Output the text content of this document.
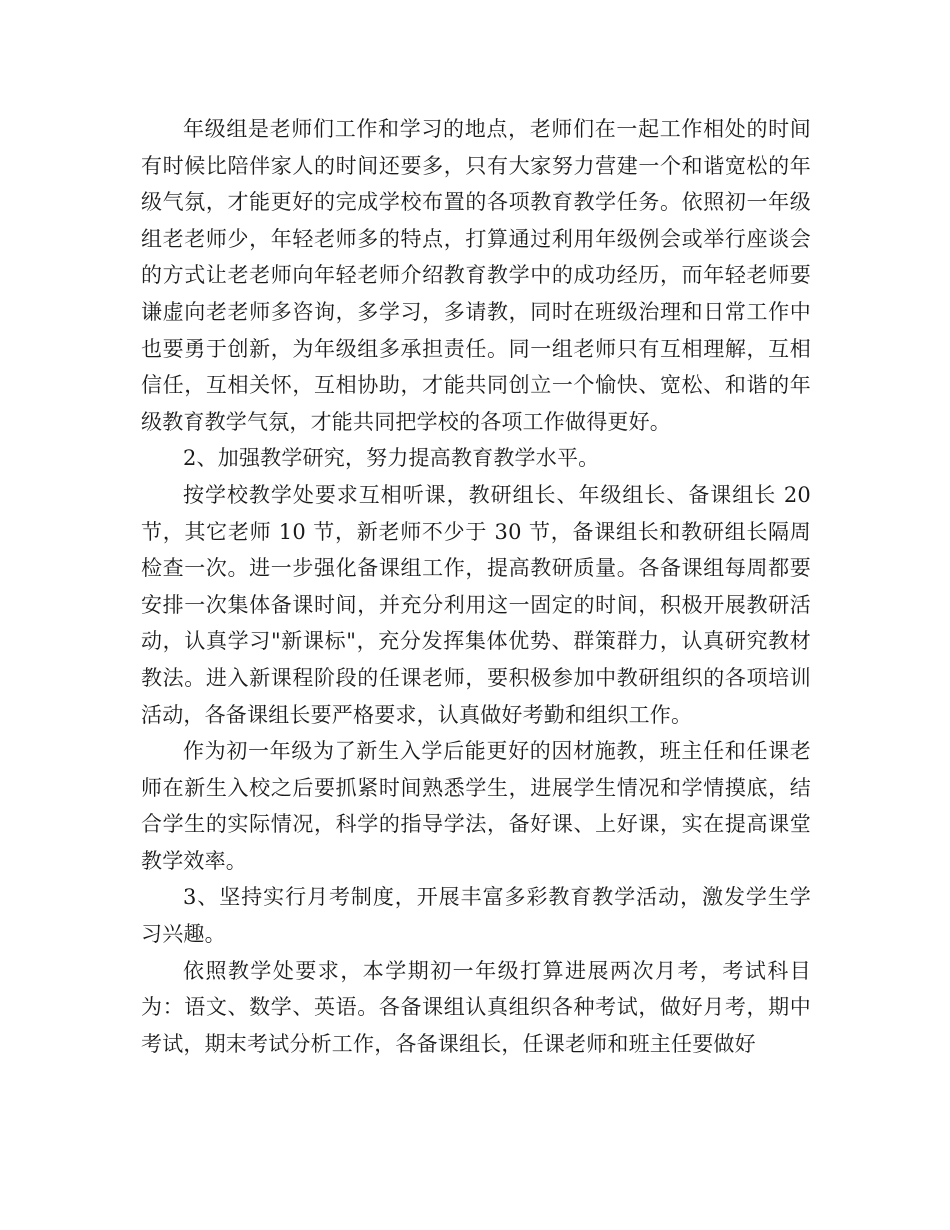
年级组是老师们工作和学习的地点，老师们在一起工作相处的时间有时候比陪伴家人的时间还要多，只有大家努力营建一个和谐宽松的年级气氛，才能更好的完成学校布置的各项教育教学任务。依照初一年级组老老师少，年轻老师多的特点，打算通过利用年级例会或举行座谈会的方式让老老师向年轻老师介绍教育教学中的成功经历，而年轻老师要谦虚向老老师多咨询，多学习，多请教，同时在班级治理和日常工作中也要勇于创新，为年级组多承担责任。同一组老师只有互相理解，互相信任，互相关怀，互相协助，才能共同创立一个愉快、宽松、和谐的年级教育教学气氛，才能共同把学校的各项工作做得更好。

2、加强教学研究，努力提高教育教学水平。

按学校教学处要求互相听课，教研组长、年级组长、备课组长 20节，其它老师 10 节，新老师不少于 30 节，备课组长和教研组长隔周检查一次。进一步强化备课组工作，提高教研质量。各备课组每周都要安排一次集体备课时间，并充分利用这一固定的时间，积极开展教研活动，认真学习"新课标"，充分发挥集体优势、群策群力，认真研究教材教法。进入新课程阶段的任课老师，要积极参加中教研组织的各项培训活动，各备课组长要严格要求，认真做好考勤和组织工作。

作为初一年级为了新生入学后能更好的因材施教，班主任和任课老师在新生入校之后要抓紧时间熟悉学生，进展学生情况和学情摸底，结合学生的实际情况，科学的指导学法，备好课、上好课，实在提高课堂教学效率。

3、坚持实行月考制度，开展丰富多彩教育教学活动，激发学生学习兴趣。

依照教学处要求，本学期初一年级打算进展两次月考，考试科目为：语文、数学、英语。各备课组认真组织各种考试，做好月考，期中考试，期末考试分析工作，各备课组长，任课老师和班主任要做好
